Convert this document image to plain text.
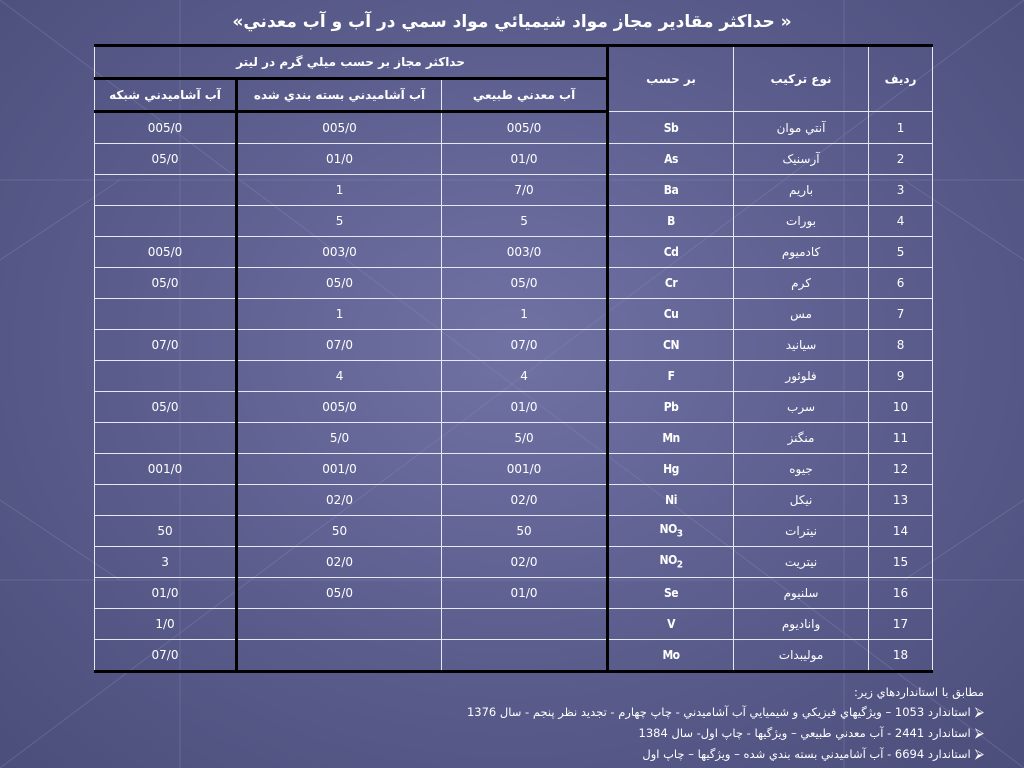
« حداکثر مقادير مجاز مواد شيميائي مواد سمي در آب و آب معدني»
رديف	نوع ترکيب	بر حسب	حداکثر مجاز بر حسب ميلي گرم در ليتر		
			آب معدني طبيعي	آب آشاميدني بسته بندي شده	آب آشاميدني شبکه
1	آنتي موان	Sb	005/0	005/0	005/0
2	آرسنيک	As	01/0	01/0	05/0
3	باريم	Ba	7/0	1	
4	بورات	B	5	5	
5	کادميوم	Cd	003/0	003/0	005/0
6	کرم	Cr	05/0	05/0	05/0
7	مس	Cu	1	1	
8	سيانيد	CN	07/0	07/0	07/0
9	فلوئور	F	4	4	
10	سرب	Pb	01/0	005/0	05/0
11	منگنز	Mn	5/0	5/0	
12	جيوه	Hg	001/0	001/0	001/0
13	نيکل	Ni	02/0	02/0	
14	نيترات	$NO_3$	50	50	50
15	نيتريت	$NO_2$	02/0	02/0	3
16	سلنيوم	Se	01/0	05/0	01/0
17	واناديوم	V			1/0
18	موليبدات	Mo			07/0
مطابق با استانداردهاي زير:
⮚استاندارد 1053 – ويژگيهاي فيزيکي و شيميايي آب آشاميدني - چاپ چهارم - تجديد نظر پنجم - سال 1376
⮚استاندارد 2441 - آب معدني طبيعي – ويژگيها - چاپ اول- سال 1384
⮚استاندارد 6694 - آب آشاميدني بسته بندي شده – ويژگيها – چاپ اول
